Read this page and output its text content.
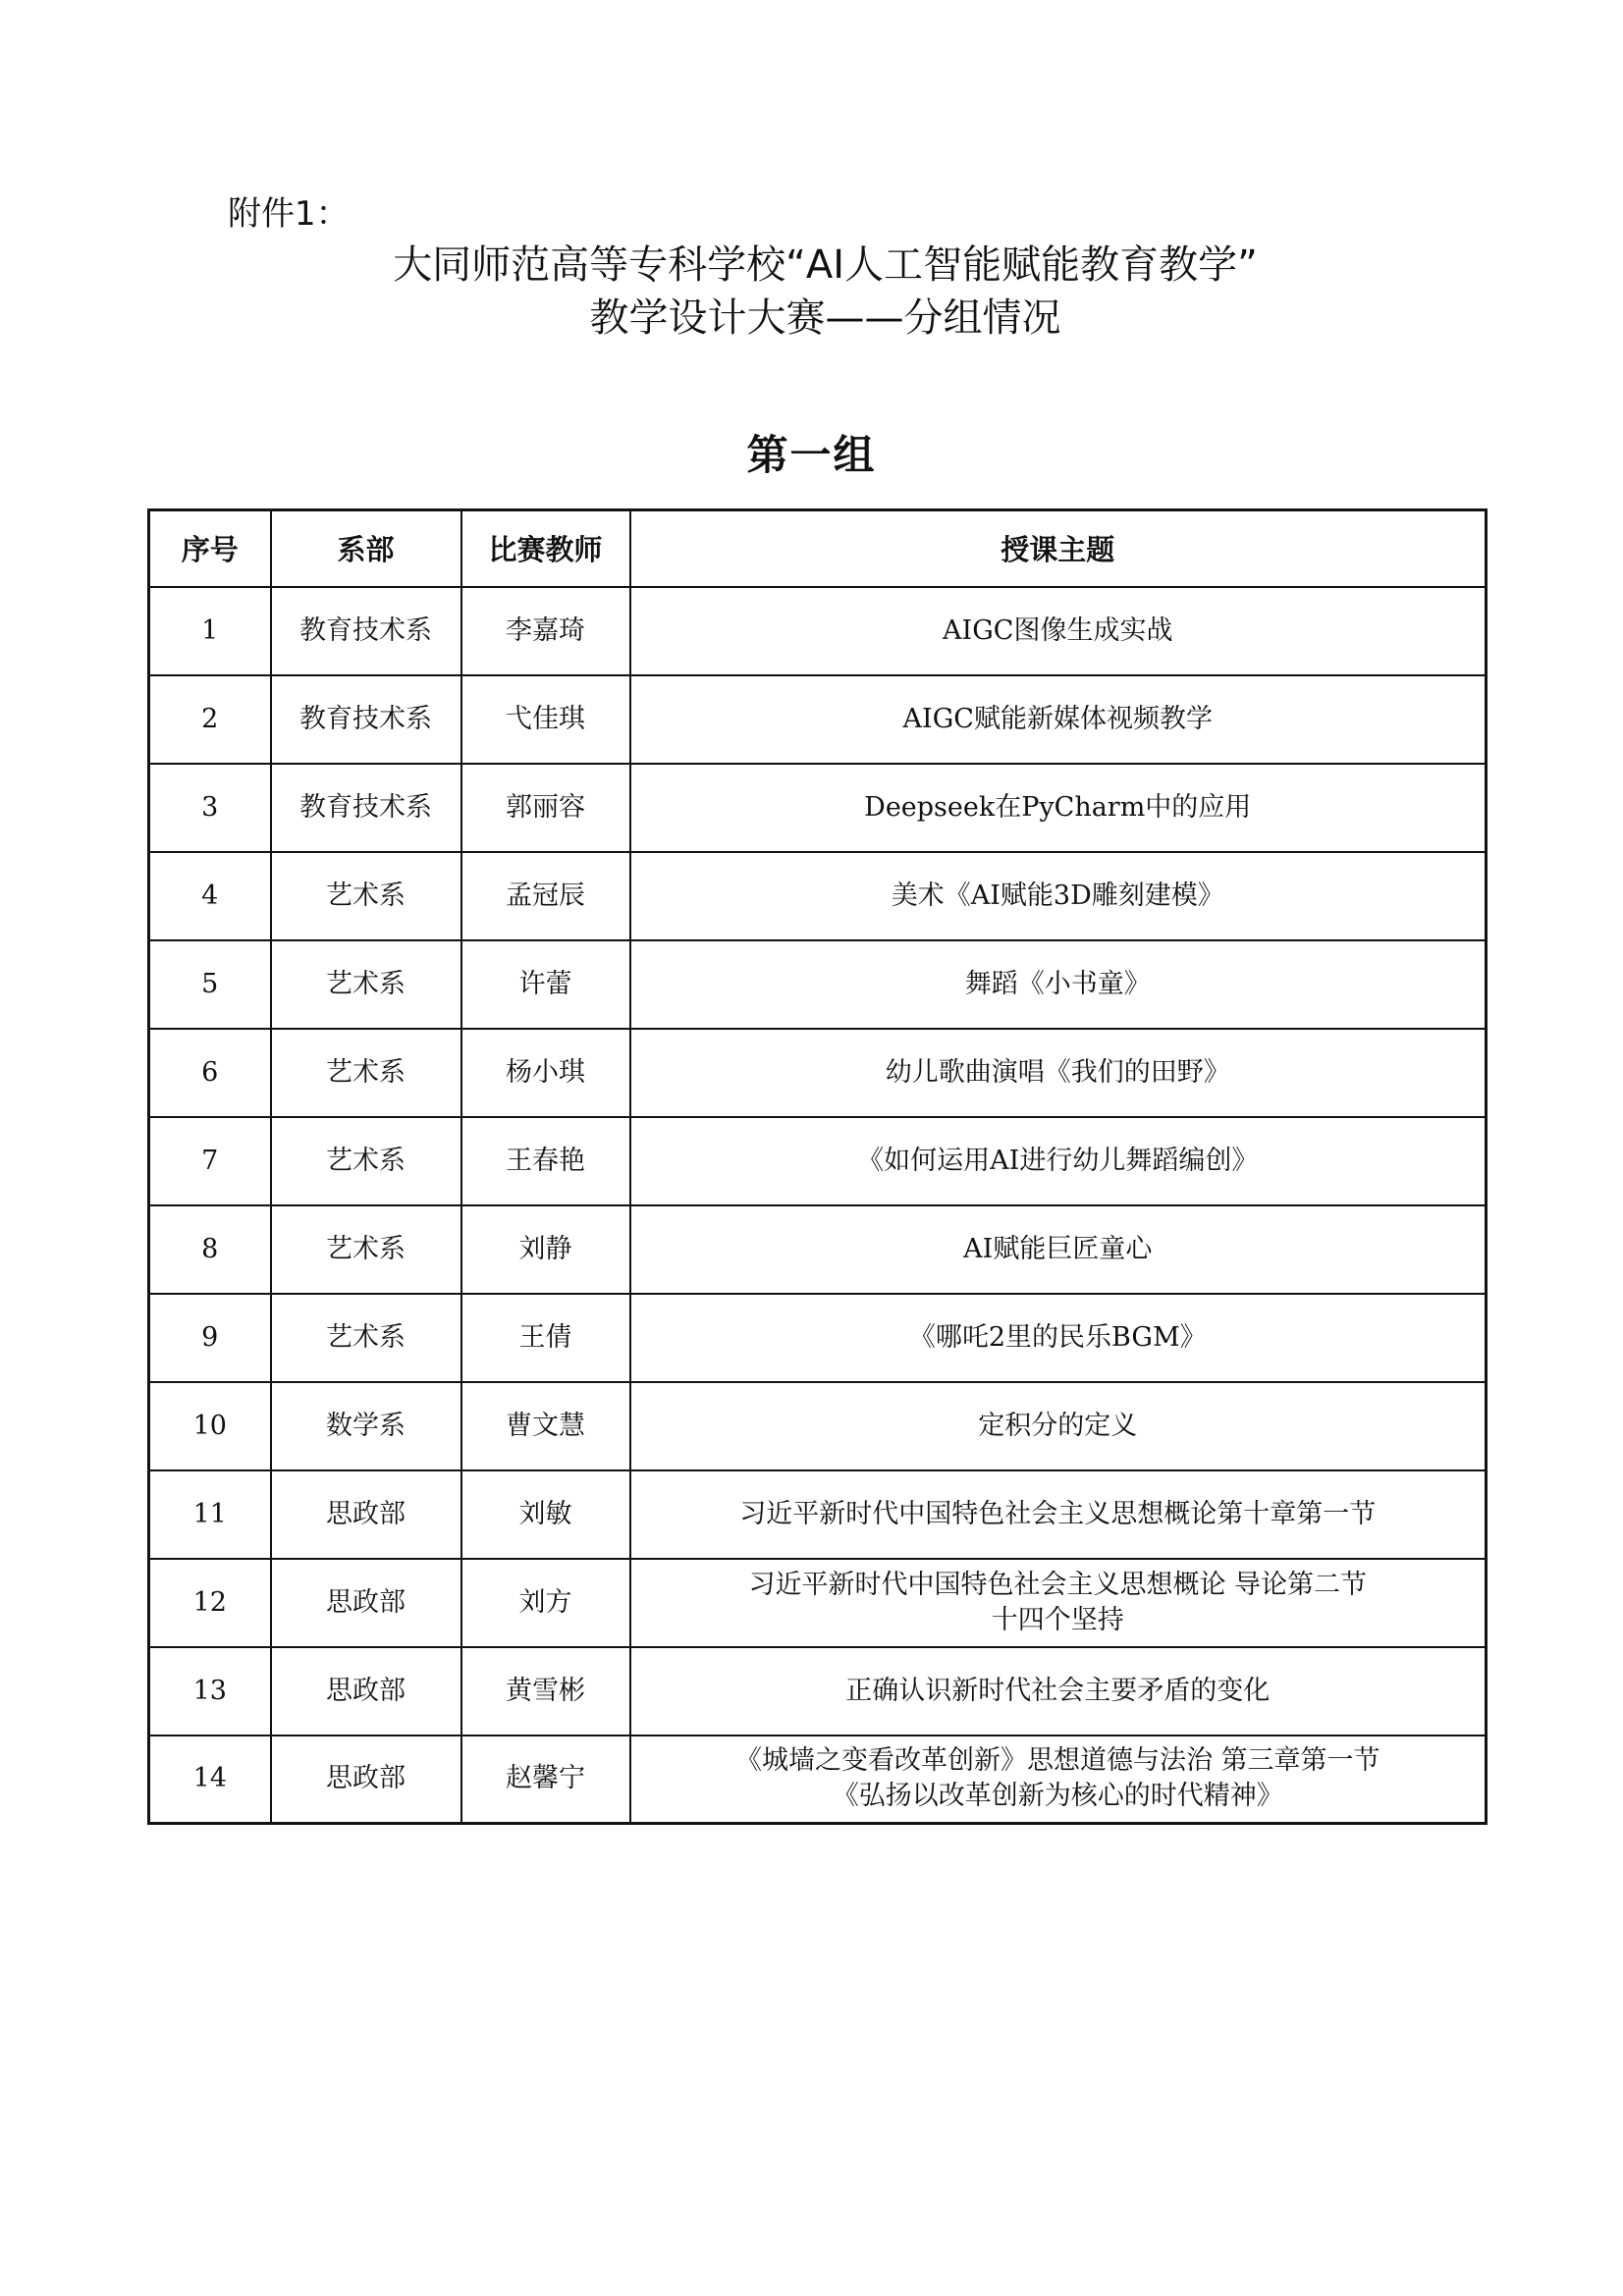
附件1：
大同师范高等专科学校“AI人工智能赋能教育教学”
教学设计大赛——分组情况
第一组
序号	系部	比赛教师	授课主题
1	教育技术系	李嘉琦	AIGC图像生成实战

2	教育技术系	弋佳琪	AIGC赋能新媒体视频教学

3	教育技术系	郭丽容	Deepseek在PyCharm中的应用

4	艺术系	孟冠辰	美术《AI赋能3D雕刻建模》

5	艺术系	许蕾	舞蹈《小书童》

6	艺术系	杨小琪	幼儿歌曲演唱《我们的田野》

7	艺术系	王春艳	《如何运用AI进行幼儿舞蹈编创》

8	艺术系	刘静	AI赋能巨匠童心

9	艺术系	王倩	《哪吒2里的民乐BGM》

10	数学系	曹文慧	定积分的定义

11	思政部	刘敏	习近平新时代中国特色社会主义思想概论第十章第一节

12	思政部	刘方	习近平新时代中国特色社会主义思想概论 导论第二节
十四个坚持

13	思政部	黄雪彬	正确认识新时代社会主要矛盾的变化

14	思政部	赵馨宁	《城墙之变看改革创新》思想道德与法治 第三章第一节
《弘扬以改革创新为核心的时代精神》
